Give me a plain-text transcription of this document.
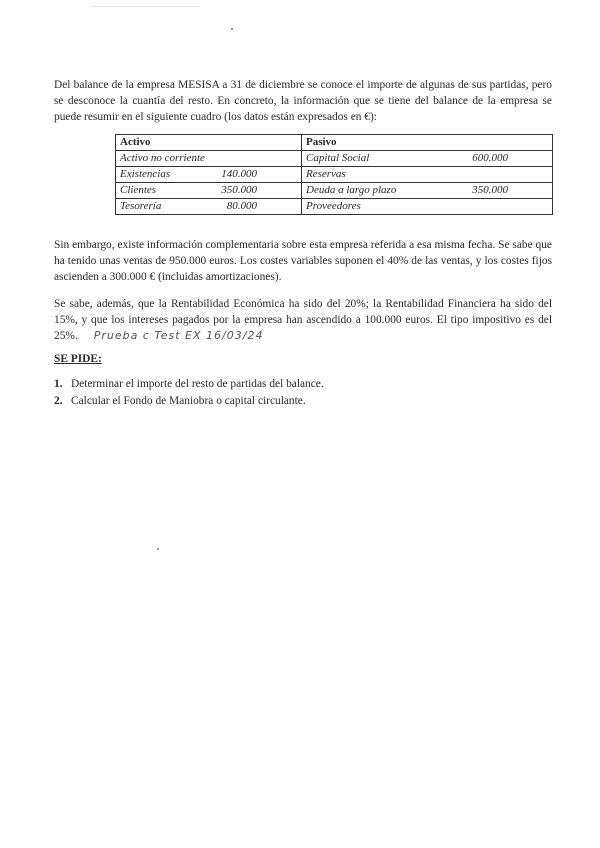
Del balance de la empresa MESISA a 31 de diciembre se conoce el importe de algunas de sus partidas, pero se desconoce la cuantía del resto. En concreto, la información que se tiene del balance de la empresa se puede resumir en el siguiente cuadro (los datos están expresados en €):

Activo	Pasivo
Activo no corriente	Capital Social 600.000

Existencias 140.000	Reservas

Clientes 350.000	Deuda a largo plazo 350.000

Tesorería 80.000	Proveedores

Sin embargo, existe información complementaria sobre esta empresa referida a esa misma fecha. Se sabe que ha tenido unas ventas de 950.000 euros. Los costes variables suponen el 40% de las ventas, y los costes fijos ascienden a 300.000 € (incluidas amortizaciones).

Se sabe, además, que la Rentabilidad Económica ha sido del 20%; la Rentabilidad Financiera ha sido del 15%, y que los intereses pagados por la empresa han ascendido a 100.000 euros. El tipo impositivo es del 25%. Prueba c Test EX 16/03/24

SE PIDE:

1. Determinar el importe del resto de partidas del balance.
2. Calcular el Fondo de Maniobra o capital circulante.
